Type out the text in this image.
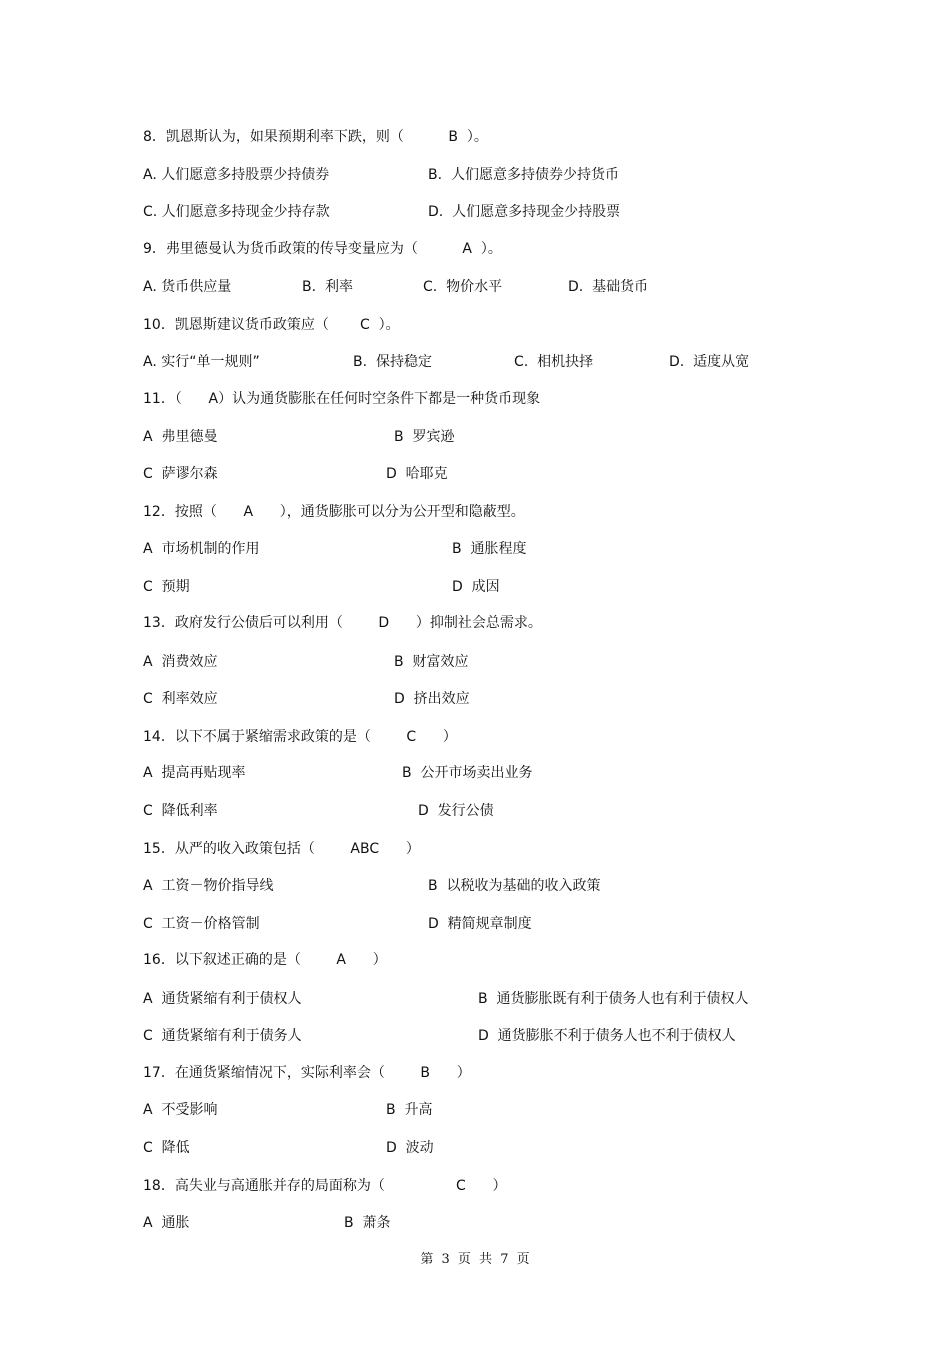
8．凯恩斯认为，如果预期利率下跌，则（          B  ）。
A. 人们愿意多持股票少持债券	B.  人们愿意多持债券少持货币
C. 人们愿意多持现金少持存款	D.  人们愿意多持现金少持股票
9．弗里德曼认为货币政策的传导变量应为（          A  ）。
A. 货币供应量	B.  利率	C.  物价水平	D.  基础货币
10．凯恩斯建议货币政策应（       C  ）。
A. 实行“单一规则”	B.  保持稳定	C.  相机抉择	D.  适度从宽
11．（      A）认为通货膨胀在任何时空条件下都是一种货币现象
A  弗里德曼	B  罗宾逊
C  萨谬尔森	D  哈耶克
12．按照（      A      ），通货膨胀可以分为公开型和隐蔽型。
A  市场机制的作用	B  通胀程度
C  预期	D  成因
13．政府发行公债后可以利用（        D      ）抑制社会总需求。
A  消费效应	B  财富效应
C  利率效应	D  挤出效应
14．以下不属于紧缩需求政策的是（        C      ）
A  提高再贴现率	B  公开市场卖出业务
C  降低利率	D  发行公债
15．从严的收入政策包括（        ABC      ）
A  工资－物价指导线	B  以税收为基础的收入政策
C  工资－价格管制	D  精简规章制度
16．以下叙述正确的是（        A      ）
A  通货紧缩有利于债权人	B  通货膨胀既有利于债务人也有利于债权人
C  通货紧缩有利于债务人	D  通货膨胀不利于债务人也不利于债权人
17．在通货紧缩情况下，实际利率会（        B      ）
A  不受影响	B  升高
C  降低	D  波动
18．高失业与高通胀并存的局面称为（                C      ）
A  通胀	B  萧条
第 3 页 共 7 页
